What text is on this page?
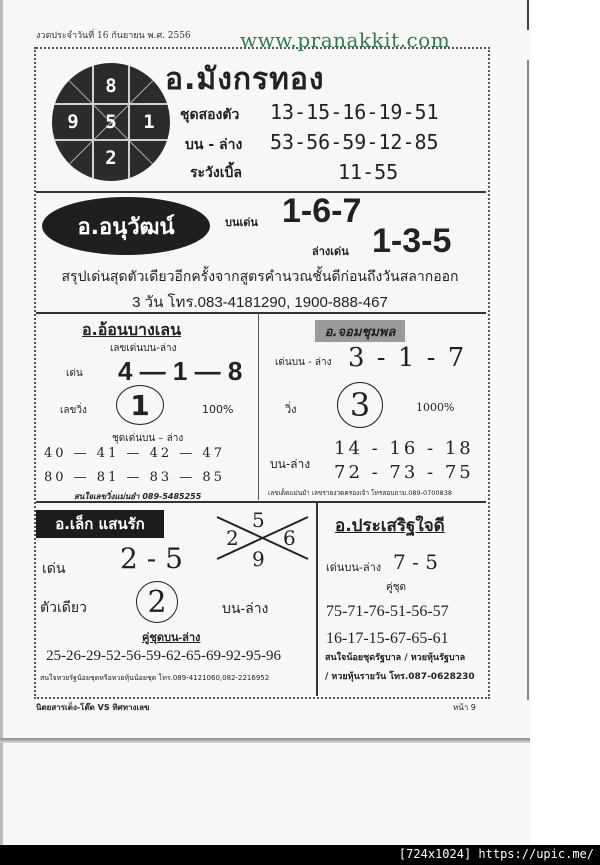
งวดประจำวันที่ 16 กันยายน พ.ศ. 2556 www.pranakkit.com
8
9	5	1
2
อ.มังกรทอง
ชุดสองตัว 13-15-16-19-51
บน - ล่าง 53-56-59-12-85
ระวังเบิ้ล	11-55
อ.อนุวัฒน์	บนเด่น 1-6-7
ล่างเด่น 1-3-5
สรุปเด่นสุดตัวเดียวอีกครั้งจากสูตรคำนวณชั้นดีก่อนถึงวันสลากออก
3 วัน โทร.083-4181290, 1900-888-467
อ.อ้อนบางเลน
เลขเด่นบน-ล่าง
เด่น 4 — 1 — 8
เลขวิ่ง	1	100%
ชุดเด่นบน – ล่าง
40 — 41 — 42 — 47
80 — 81 — 83 — 85
สนใจเลขวิ่งแม่นยำ 089-5485255
อ.จอมชุมพล
เด่นบน - ล่าง 3 - 1 - 7
วิ่ง	3	1000%
14 - 16 - 18
บน-ล่าง 72 - 73 - 75
เลขเด็ดแม่นยำ เลขรายงวดครองเจ้า โทรสอบถาม.089-0700838
อ.เล็ก แสนรัก	5
2 6
9
เด่น 2 - 5
ตัวเดียว	2	บน-ล่าง
คู่ชุดบน-ล่าง
25-26-29-52-56-59-62-65-69-92-95-96
สนใจหวยรัฐน้อยชุดหรือหวยหุ้นน้อยชุด โทร.089-4121060,082-2216952
อ.ประเสริฐใจดี
เด่นบน-ล่าง 7 - 5
คู่ชุด
75-71-76-51-56-57
16-17-15-67-65-61
สนใจน้อยชุดรัฐบาล / หวยหุ้นรัฐบาล
/ หวยหุ้นรายวัน โทร.087-0628230
นิตยสารเด็ง-โต๊ด VS ทิศทางเลข	หน้า 9
[724x1024] https://upic.me/
